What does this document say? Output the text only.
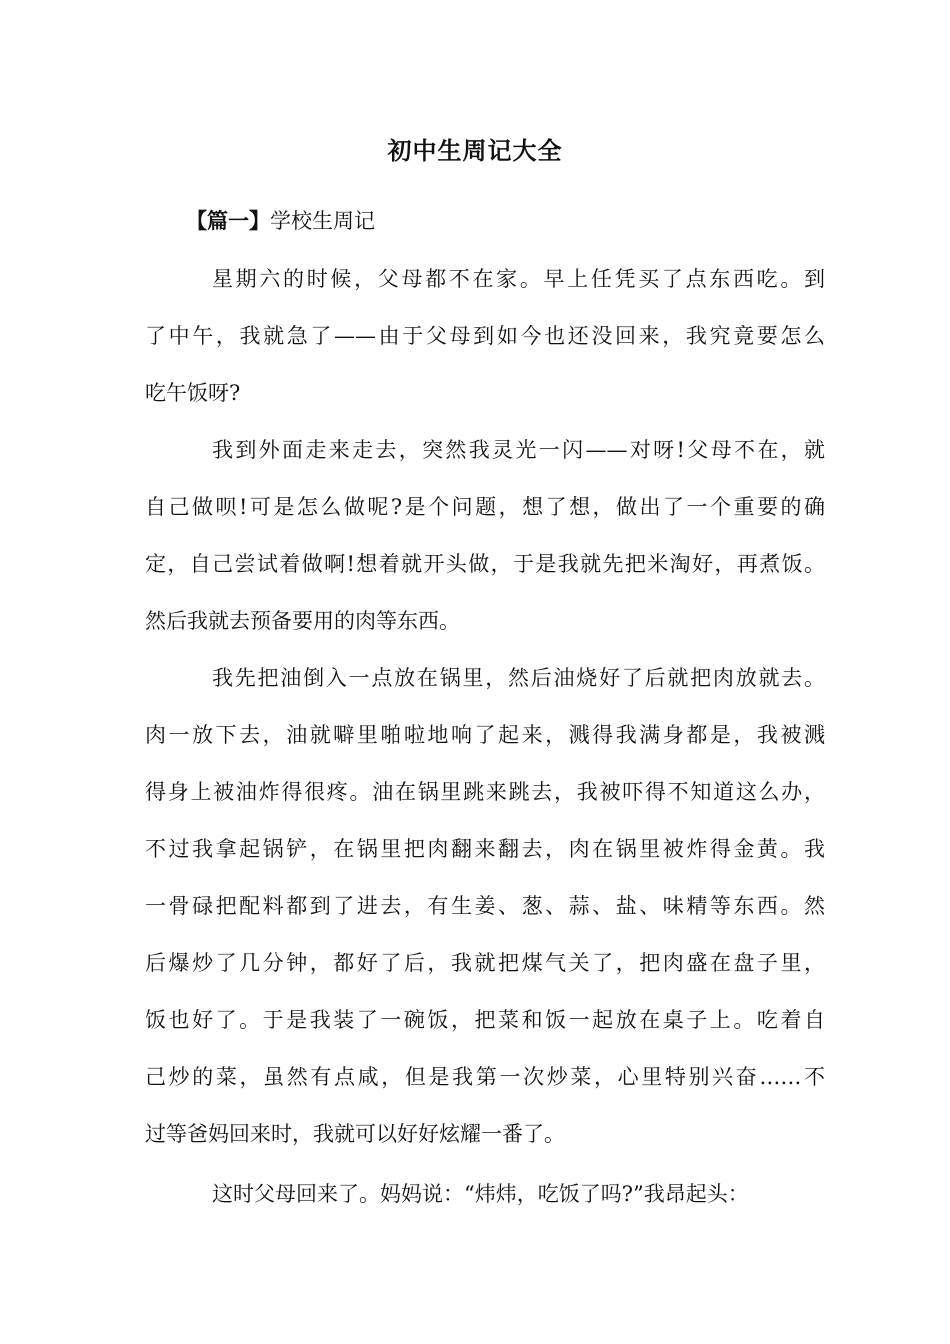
初中生周记大全
【篇一】学校生周记
星期六的时候，父母都不在家。早上任凭买了点东西吃。到
了中午，我就急了——由于父母到如今也还没回来，我究竟要怎么
吃午饭呀?
我到外面走来走去，突然我灵光一闪——对呀!父母不在，就
自己做呗!可是怎么做呢?是个问题，想了想，做出了一个重要的确
定，自己尝试着做啊!想着就开头做，于是我就先把米淘好，再煮饭。
然后我就去预备要用的肉等东西。
我先把油倒入一点放在锅里，然后油烧好了后就把肉放就去。
肉一放下去，油就噼里啪啦地响了起来，溅得我满身都是，我被溅
得身上被油炸得很疼。油在锅里跳来跳去，我被吓得不知道这么办，
不过我拿起锅铲，在锅里把肉翻来翻去，肉在锅里被炸得金黄。我
一骨碌把配料都到了进去，有生姜、葱、蒜、盐、味精等东西。然
后爆炒了几分钟，都好了后，我就把煤气关了，把肉盛在盘子里，
饭也好了。于是我装了一碗饭，把菜和饭一起放在桌子上。吃着自
己炒的菜，虽然有点咸，但是我第一次炒菜，心里特别兴奋……不
过等爸妈回来时，我就可以好好炫耀一番了。
这时父母回来了。妈妈说：“炜炜，吃饭了吗?”我昂起头：
